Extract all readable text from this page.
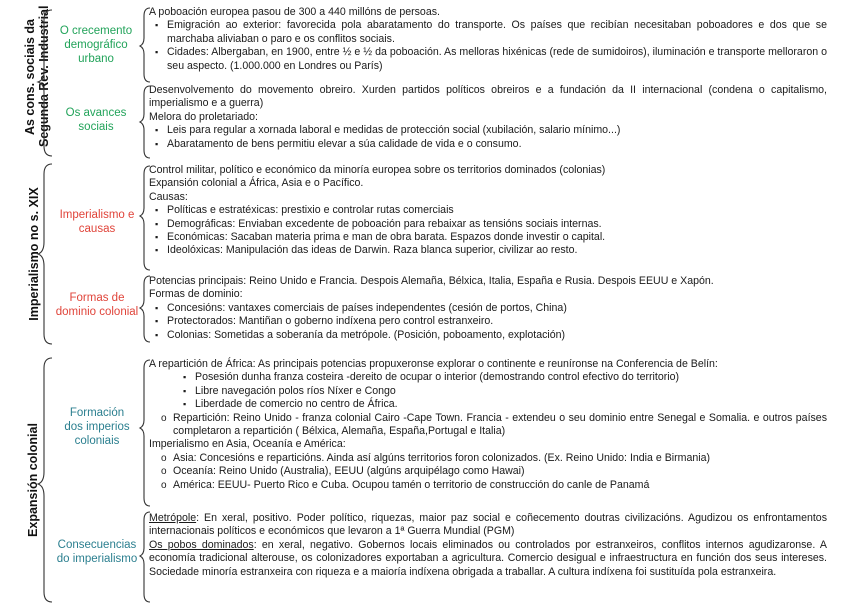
As cons. sociais da Segunda Rev. Industrial
Imperialismo no s. XIX
Expansión colonial
O crecemento
demográfico
urbano
Os avances
sociais
Imperialismo e
causas
Formas de
dominio colonial
Formación
dos imperios
coloniais
Consecuencias
do imperialismo

A poboación europea pasou de 300 a 440 millóns de persoas.

▪ Emigración ao exterior: favorecida pola abaratamento do transporte. Os países que recibían necesitaban poboadores e dos que se marchaba aliviaban o paro e os conflitos sociais.
▪ Cidades: Albergaban, en 1900, entre ½ e ½ da poboación. As melloras hixénicas (rede de sumidoiros), iluminación e transporte melloraron o seu aspecto. (1.000.000 en Londres ou París)

Desenvolvemento do movemento obreiro. Xurden partidos políticos obreiros e a fundación da II internacional (condena o capitalismo, imperialismo e a guerra)

Melora do proletariado:

▪ Leis para regular a xornada laboral e medidas de protección social (xubilación, salario mínimo...)
▪ Abaratamento de bens permitiu elevar a súa calidade de vida e o consumo.

Control militar, político e económico da minoría europea sobre os territorios dominados (colonias)

Expansión colonial a África, Asia e o Pacífico.

Causas:

▪ Políticas e estratéxicas: prestixio e controlar rutas comerciais
▪ Demográficas: Enviaban excedente de poboación para rebaixar as tensións sociais internas.
▪ Económicas: Sacaban materia prima e man de obra barata. Espazos donde investir o capital.
▪ Ideolóxicas: Manipulación das ideas de Darwin. Raza blanca superior, civilizar ao resto.

Potencias principais: Reino Unido e Francia. Despois Alemaña, Bélxica, Italia, España e Rusia. Despois EEUU e Xapón.

Formas de dominio:

▪ Concesións: vantaxes comerciais de países independentes (cesión de portos, China)
▪ Protectorados: Mantiñan o goberno indíxena pero control estranxeiro.
▪ Colonias: Sometidas a soberanía da metrópole. (Posición, poboamento, explotación)

A repartición de África: As principais potencias propuxeronse explorar o continente e reuníronse na Conferencia de Belín:

▪ Posesión dunha franza costeira -dereito de ocupar o interior (demostrando control efectivo do territorio)
▪ Libre navegación polos ríos Níxer e Congo
▪ Liberdade de comercio no centro de África.
o Repartición: Reino Unido - franza colonial Cairo -Cape Town. Francia - extendeu o seu dominio entre Senegal e Somalia. e outros países completaron a repartición ( Bélxica, Alemaña, España,Portugal e Italia)

Imperialismo en Asia, Oceanía e América:

o Asia: Concesións e reparticións. Ainda así algúns territorios foron colonizados. (Ex. Reino Unido: India e Birmania)
o Oceanía: Reino Unido (Australia), EEUU (algúns arquipélago como Hawai)
o América: EEUU- Puerto Rico e Cuba. Ocupou tamén o territorio de construcción do canle de Panamá

Metrópole: En xeral, positivo. Poder político, riquezas, maior paz social e coñecemento doutras civilizacións. Agudizou os enfrontamentos internacionais políticos e económicos que levaron a 1ª Guerra Mundial (PGM)

Os pobos dominados: en xeral, negativo. Gobernos locais eliminados ou controlados por estranxeiros, conflitos internos agudizaronse. A economía tradicional alterouse, os colonizadores exportaban a agricultura. Comercio desigual e infraestructura en función dos seus intereses. Sociedade minoría estranxeira con riqueza e a maioría indíxena obrigada a traballar. A cultura indíxena foi sustituída pola estranxeira.
